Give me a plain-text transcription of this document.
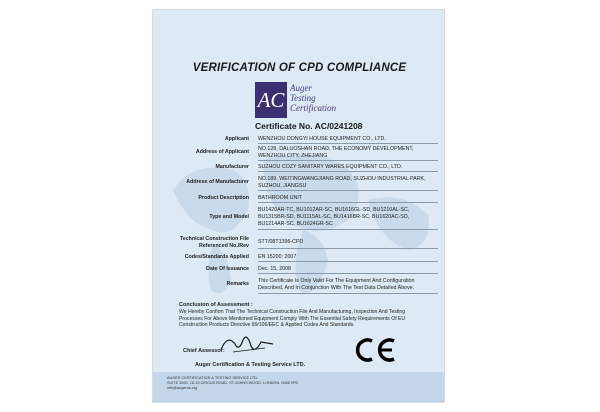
VERIFICATION OF CPD COMPLIANCE
AC Auger
Testing
Certification
Certificate No. AC/0241208
Applicant WENZHOU DONGYI HOUSE EQUIPMENT CO., LTD.
Address of Applicant NO.128, DALUOSHAN ROAD, THE ECONOMY DEVELOPMENT,
WENZHOU CITY, ZHEJIANG
Manufacturer SUZHOU COZY SANITARY WARES EQUIPMENT CO., LTD.
Address of Manufacturer NO.189, WEITINGWANGJIANG ROAD, SUZHOU INDUSTRIAL PARK,
SUZHOU, JIANGSU
Product Description BATHROOM UNIT
Type and Model
BU1420AR-TC, BU1012AR-SC, BU1616GL-SD, BU1210AL-SC,
BU1315BR-SD, BU1115AL-SC, BU1416BR-SC, BU1620AC-SD,
BU1214AR-SC, BU1624GR-SC
Technical Construction File Referenced No./Rev
STT/08T1396-CPD
Codes/Standards Applied EN 15200: 2007
Date Of Issuance Dec. 15, 2008
Remarks This Certificate Is Only Valid For The Equipment And Configuration
Described, And In Conjunction With The Test Data Detailed Above.
Conclusion of Assessment :
We Hereby Confirm That The Technical Construction File And Manufacturing, Inspection And Testing
Processes For Above Mentioned Equipment Comply With The Essential Safety Requirements Of EU
Construction Products Directive 89/106/EEC & Applied Codes And Standards.
Chief Assessor:
Auger Certification & Testing Service LTD.
AUGER CERTIFICATION & TESTING SERVICE LTD.
SUITE 3920, 18-19 CIRCUS ROAD, ST.JOHNS WOOD, LONDON, NW8 9PD
info@augeruk.org
